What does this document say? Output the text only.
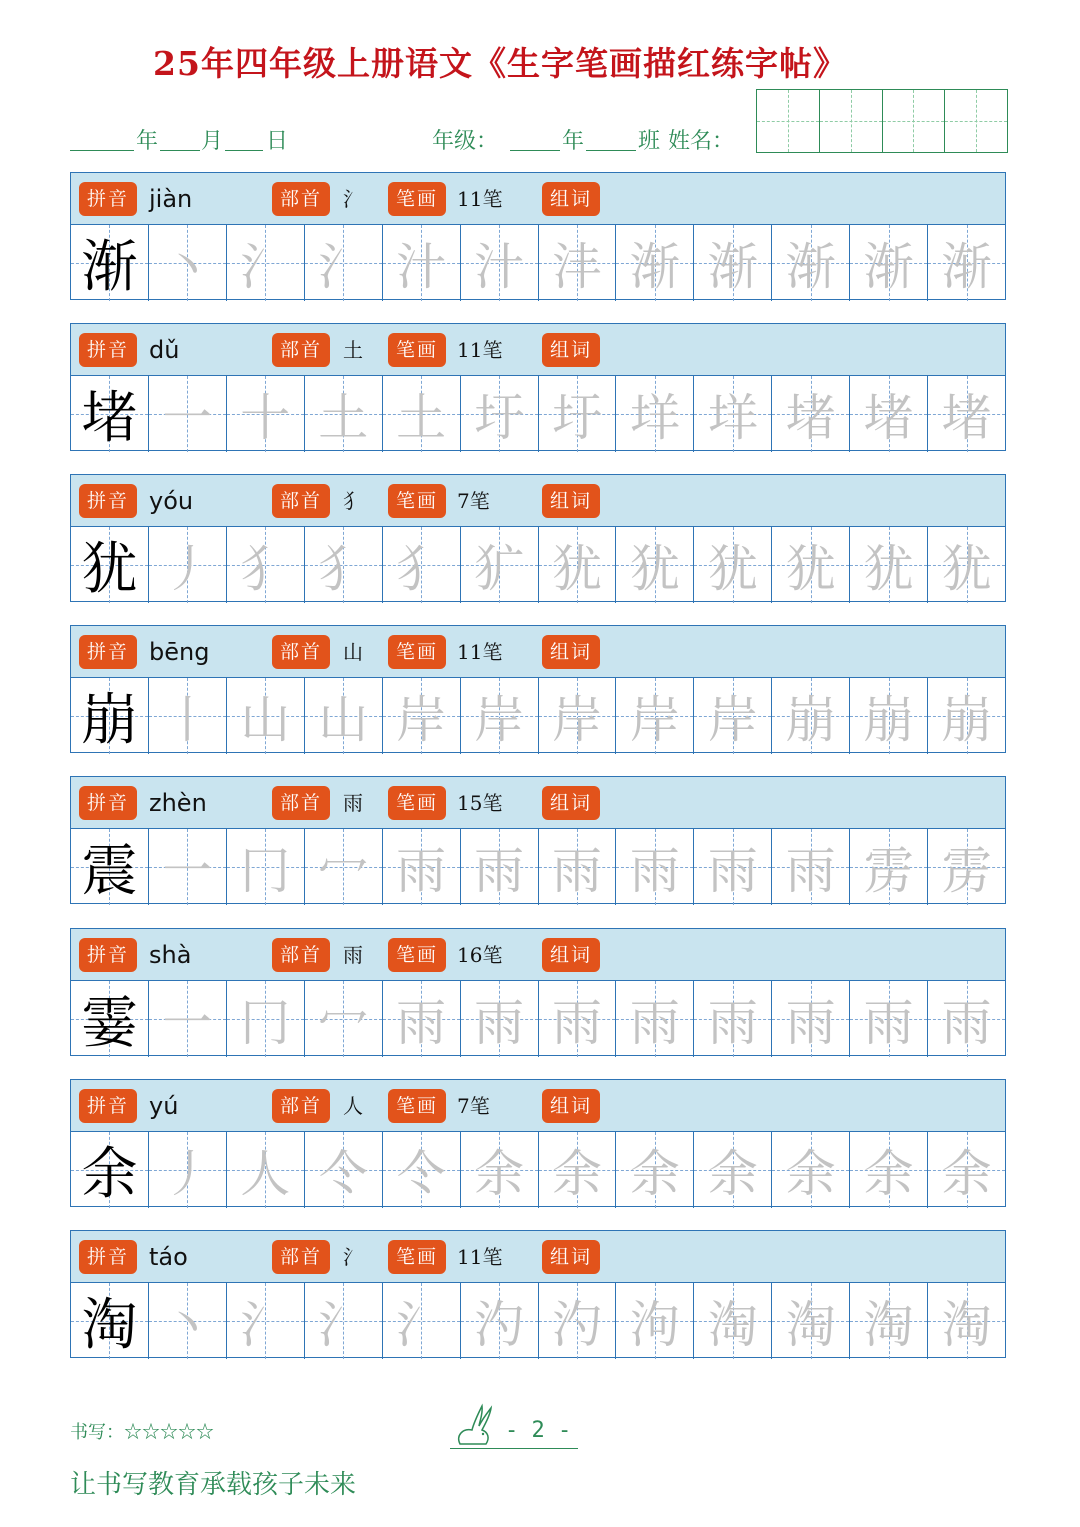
25年四年级上册语文《生字笔画描红练字帖》
年 月 日	年级：	年 班 姓名：
拼音 jiàn	部首	氵	笔画 11笔	组词
渐 丶 氵 氵 汁 汁 沣 渐 渐 渐 渐 渐
拼音 dǔ	部首	土	笔画 11笔	组词
堵 一 十 土 土 圩 圩 垟 垟 堵 堵 堵
拼音 yóu	部首	犭	笔画 7笔	组词
犹 丿 犭 犭 犭 犷 犹 犹 犹 犹 犹 犹
拼音 bēng	部首	山	笔画 11笔	组词
崩 丨 山 山 岸 岸 岸 岸 岸 崩 崩 崩
拼音 zhèn	部首	雨	笔画 15笔	组词
震 一 冂 冖 雨 雨 雨 雨 雨 雨 雳 雳
拼音 shà	部首	雨	笔画 16笔	组词
霎 一 冂 冖 雨 雨 雨 雨 雨 雨 雨 雨
拼音 yú	部首	人	笔画 7笔	组词
余 丿 人 仒 仒 余 余 余 余 余 余 余
拼音 táo	部首	氵	笔画 11笔	组词
淘 丶 氵 氵 氵 汋 汋 泃 淘 淘 淘 淘
书写：☆☆☆☆☆	- 2 -
让书写教育承载孩子未来
